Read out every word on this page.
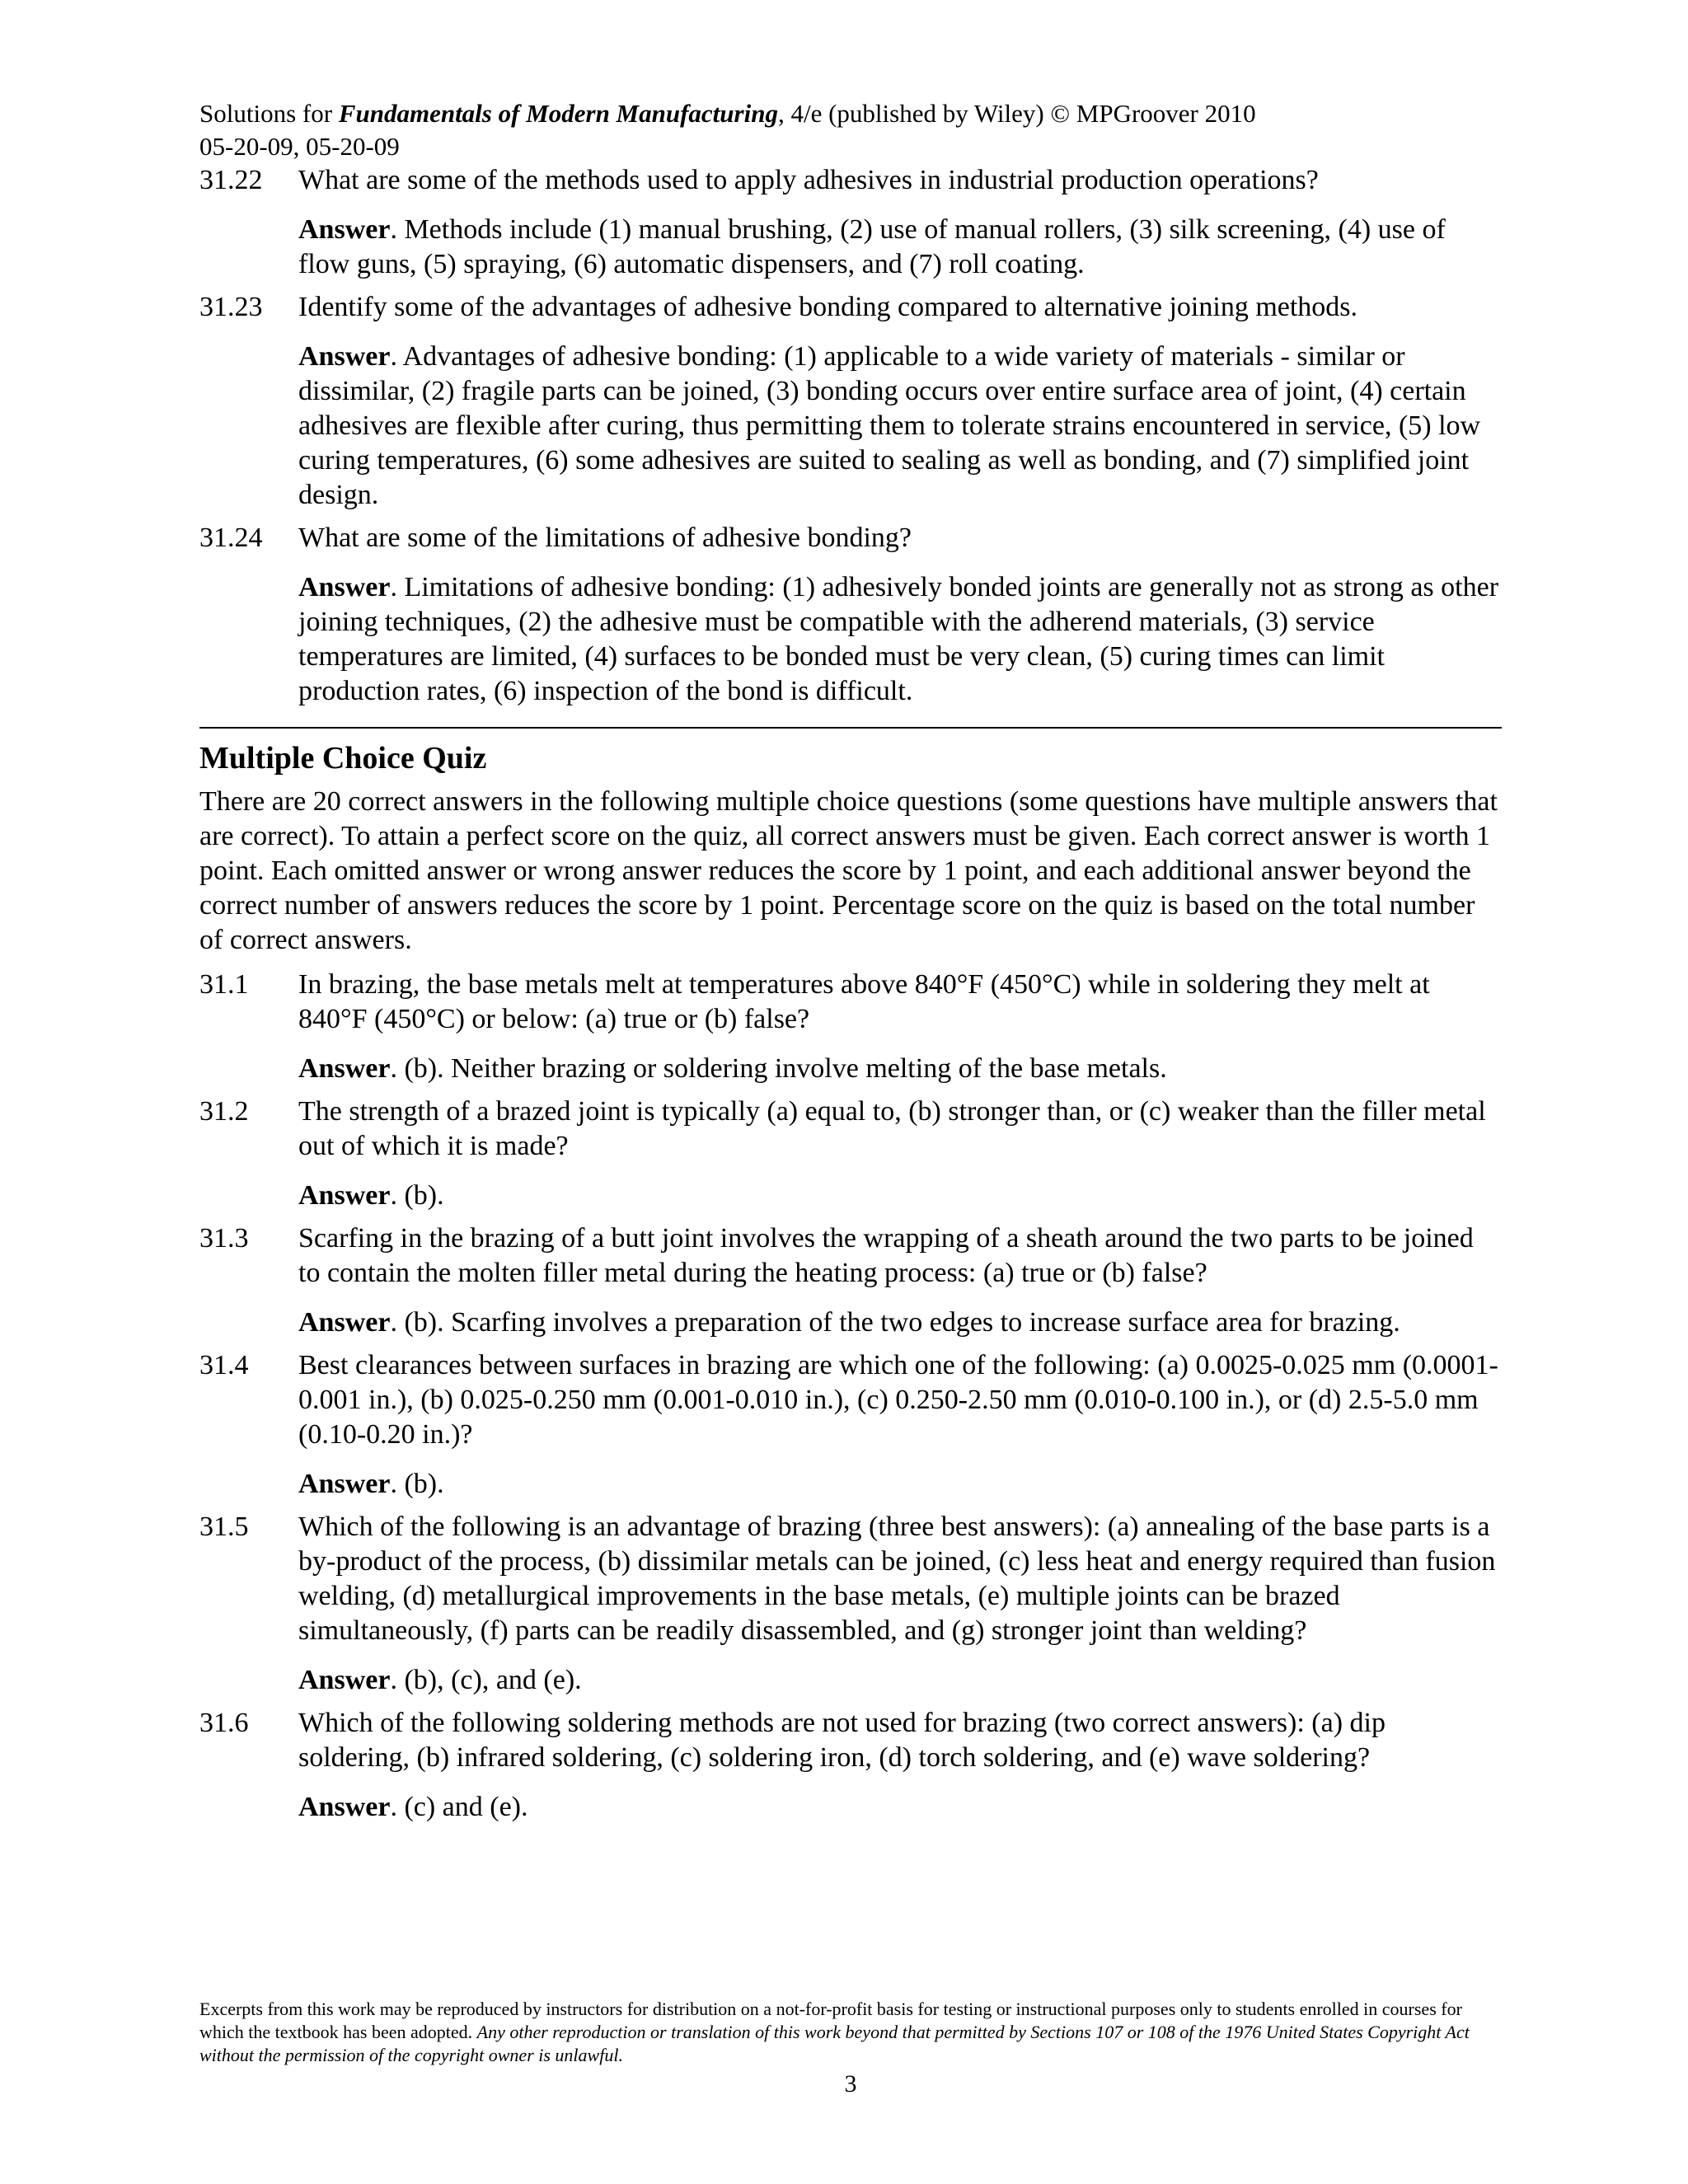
Solutions for Fundamentals of Modern Manufacturing, 4/e (published by Wiley) © MPGroover 2010
05-20-09, 05-20-09
31.22	What are some of the methods used to apply adhesives in industrial production operations?
Answer. Methods include (1) manual brushing, (2) use of manual rollers, (3) silk screening, (4) use of flow guns, (5) spraying, (6) automatic dispensers, and (7) roll coating.
31.23	Identify some of the advantages of adhesive bonding compared to alternative joining methods.
Answer. Advantages of adhesive bonding: (1) applicable to a wide variety of materials - similar or dissimilar, (2) fragile parts can be joined, (3) bonding occurs over entire surface area of joint, (4) certain adhesives are flexible after curing, thus permitting them to tolerate strains encountered in service, (5) low curing temperatures, (6) some adhesives are suited to sealing as well as bonding, and (7) simplified joint design.
31.24	What are some of the limitations of adhesive bonding?
Answer. Limitations of adhesive bonding: (1) adhesively bonded joints are generally not as strong as other joining techniques, (2) the adhesive must be compatible with the adherend materials, (3) service temperatures are limited, (4) surfaces to be bonded must be very clean, (5) curing times can limit production rates, (6) inspection of the bond is difficult.
Multiple Choice Quiz
There are 20 correct answers in the following multiple choice questions (some questions have multiple answers that are correct). To attain a perfect score on the quiz, all correct answers must be given. Each correct answer is worth 1 point. Each omitted answer or wrong answer reduces the score by 1 point, and each additional answer beyond the correct number of answers reduces the score by 1 point. Percentage score on the quiz is based on the total number of correct answers.
31.1	In brazing, the base metals melt at temperatures above 840°F (450°C) while in soldering they melt at 840°F (450°C) or below: (a) true or (b) false?
Answer. (b). Neither brazing or soldering involve melting of the base metals.
31.2	The strength of a brazed joint is typically (a) equal to, (b) stronger than, or (c) weaker than the filler metal out of which it is made?
Answer. (b).
31.3	Scarfing in the brazing of a butt joint involves the wrapping of a sheath around the two parts to be joined to contain the molten filler metal during the heating process: (a) true or (b) false?
Answer. (b). Scarfing involves a preparation of the two edges to increase surface area for brazing.
31.4	Best clearances between surfaces in brazing are which one of the following: (a) 0.0025-0.025 mm (0.0001-0.001 in.), (b) 0.025-0.250 mm (0.001-0.010 in.), (c) 0.250-2.50 mm (0.010-0.100 in.), or (d) 2.5-5.0 mm (0.10-0.20 in.)?
Answer. (b).
31.5	Which of the following is an advantage of brazing (three best answers): (a) annealing of the base parts is a by-product of the process, (b) dissimilar metals can be joined, (c) less heat and energy required than fusion welding, (d) metallurgical improvements in the base metals, (e) multiple joints can be brazed simultaneously, (f) parts can be readily disassembled, and (g) stronger joint than welding?
Answer. (b), (c), and (e).
31.6	Which of the following soldering methods are not used for brazing (two correct answers): (a) dip soldering, (b) infrared soldering, (c) soldering iron, (d) torch soldering, and (e) wave soldering?
Answer. (c) and (e).
Excerpts from this work may be reproduced by instructors for distribution on a not-for-profit basis for testing or instructional purposes only to students enrolled in courses for which the textbook has been adopted. Any other reproduction or translation of this work beyond that permitted by Sections 107 or 108 of the 1976 United States Copyright Act without the permission of the copyright owner is unlawful.
3
